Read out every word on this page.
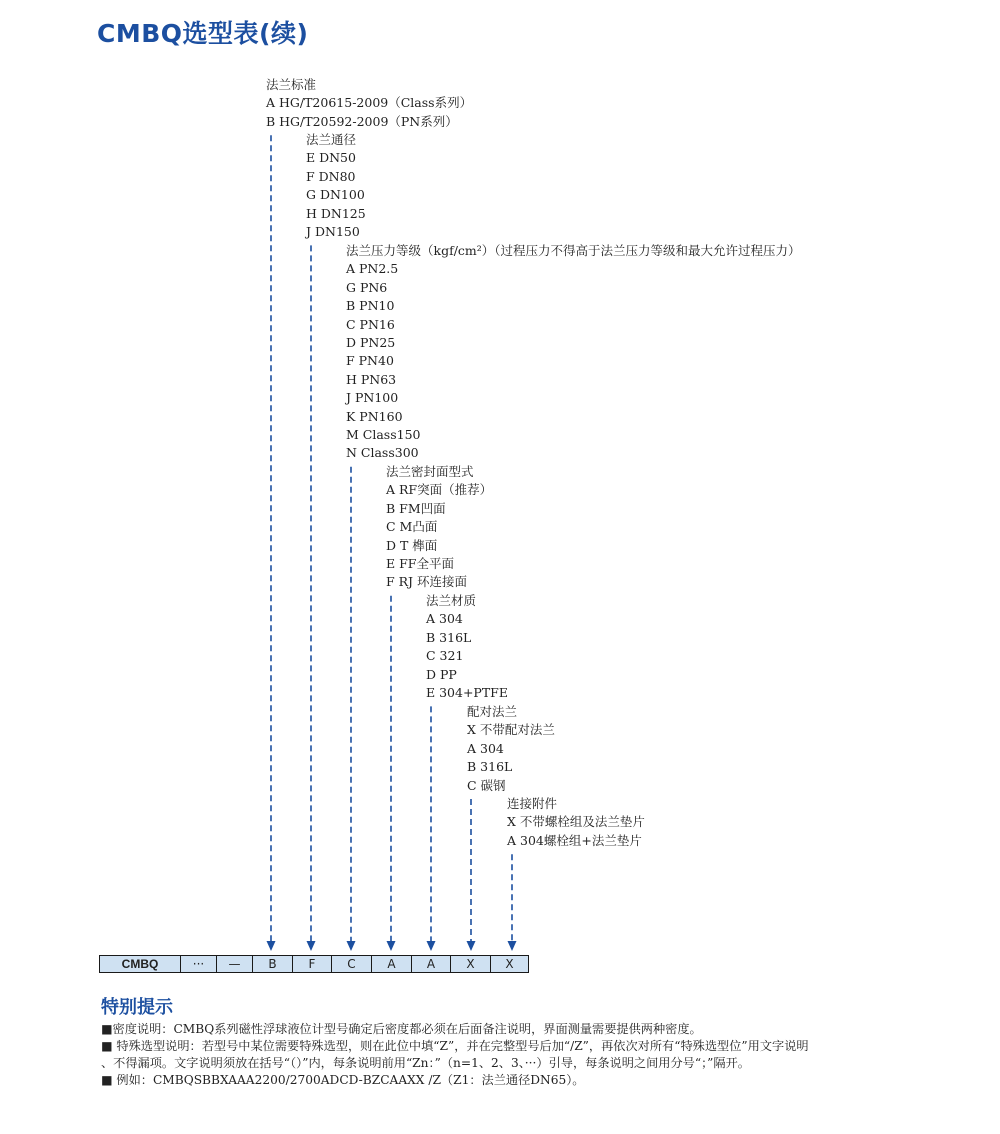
CMBQ选型表(续)
法兰标准
A HG/T20615-2009（Class系列）
B HG/T20592-2009（PN系列）
法兰通径
E DN50
F DN80
G DN100
H DN125
J DN150
法兰压力等级（kgf/cm²）（过程压力不得高于法兰压力等级和最大允许过程压力）
A PN2.5
G PN6
B PN10
C PN16
D PN25
F PN40
H PN63
J PN100
K PN160
M Class150
N Class300
法兰密封面型式
A RF突面（推荐）
B FM凹面
C M凸面
D T 榫面
E FF全平面
F RJ 环连接面
法兰材质
A 304
B 316L
C 321
D PP
E 304+PTFE
配对法兰
X 不带配对法兰
A 304
B 316L
C 碳钢
连接附件
X 不带螺栓组及法兰垫片
A 304螺栓组+法兰垫片
CMBQ	···	—	B	F	C	A	A	X	X
特别提示
■密度说明：CMBQ系列磁性浮球液位计型号确定后密度都必须在后面备注说明，界面测量需要提供两种密度。
■ 特殊选型说明：若型号中某位需要特殊选型，则在此位中填“Z”，并在完整型号后加“/Z”，再依次对所有“特殊选型位”用文字说明
、不得漏项。文字说明须放在括号“（）”内，每条说明前用“Zn：”（n=1、2、3、···）引导，每条说明之间用分号“；”隔开。
■ 例如：CMBQSBBXAAA2200/2700ADCD-BZCAAXX /Z（Z1：法兰通径DN65）。
